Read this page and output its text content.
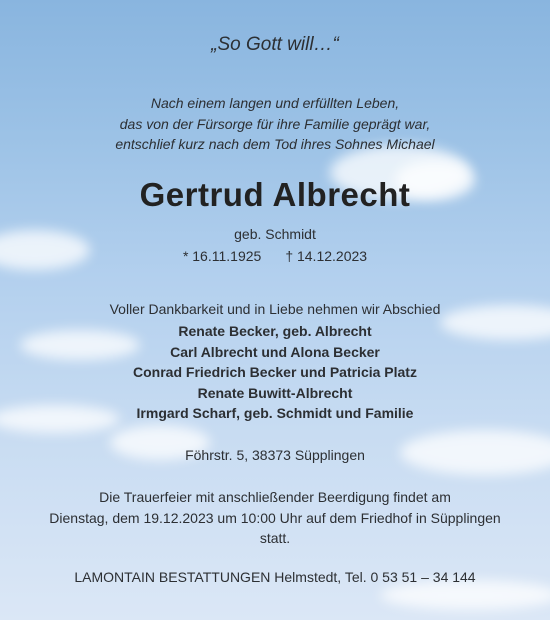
„So Gott will…“
Nach einem langen und erfüllten Leben,
das von der Fürsorge für ihre Familie geprägt war,
entschlief kurz nach dem Tod ihres Sohnes Michael
Gertrud Albrecht
geb. Schmidt
* 16.11.1925 † 14.12.2023
Voller Dankbarkeit und in Liebe nehmen wir Abschied
Renate Becker, geb. Albrecht
Carl Albrecht und Alona Becker
Conrad Friedrich Becker und Patricia Platz
Renate Buwitt-Albrecht
Irmgard Scharf, geb. Schmidt und Familie
Föhrstr. 5, 38373 Süpplingen
Die Trauerfeier mit anschließender Beerdigung findet am
Dienstag, dem 19.12.2023 um 10:00 Uhr auf dem Friedhof in Süpplingen
statt.
LAMONTAIN BESTATTUNGEN Helmstedt, Tel. 0 53 51 – 34 144
